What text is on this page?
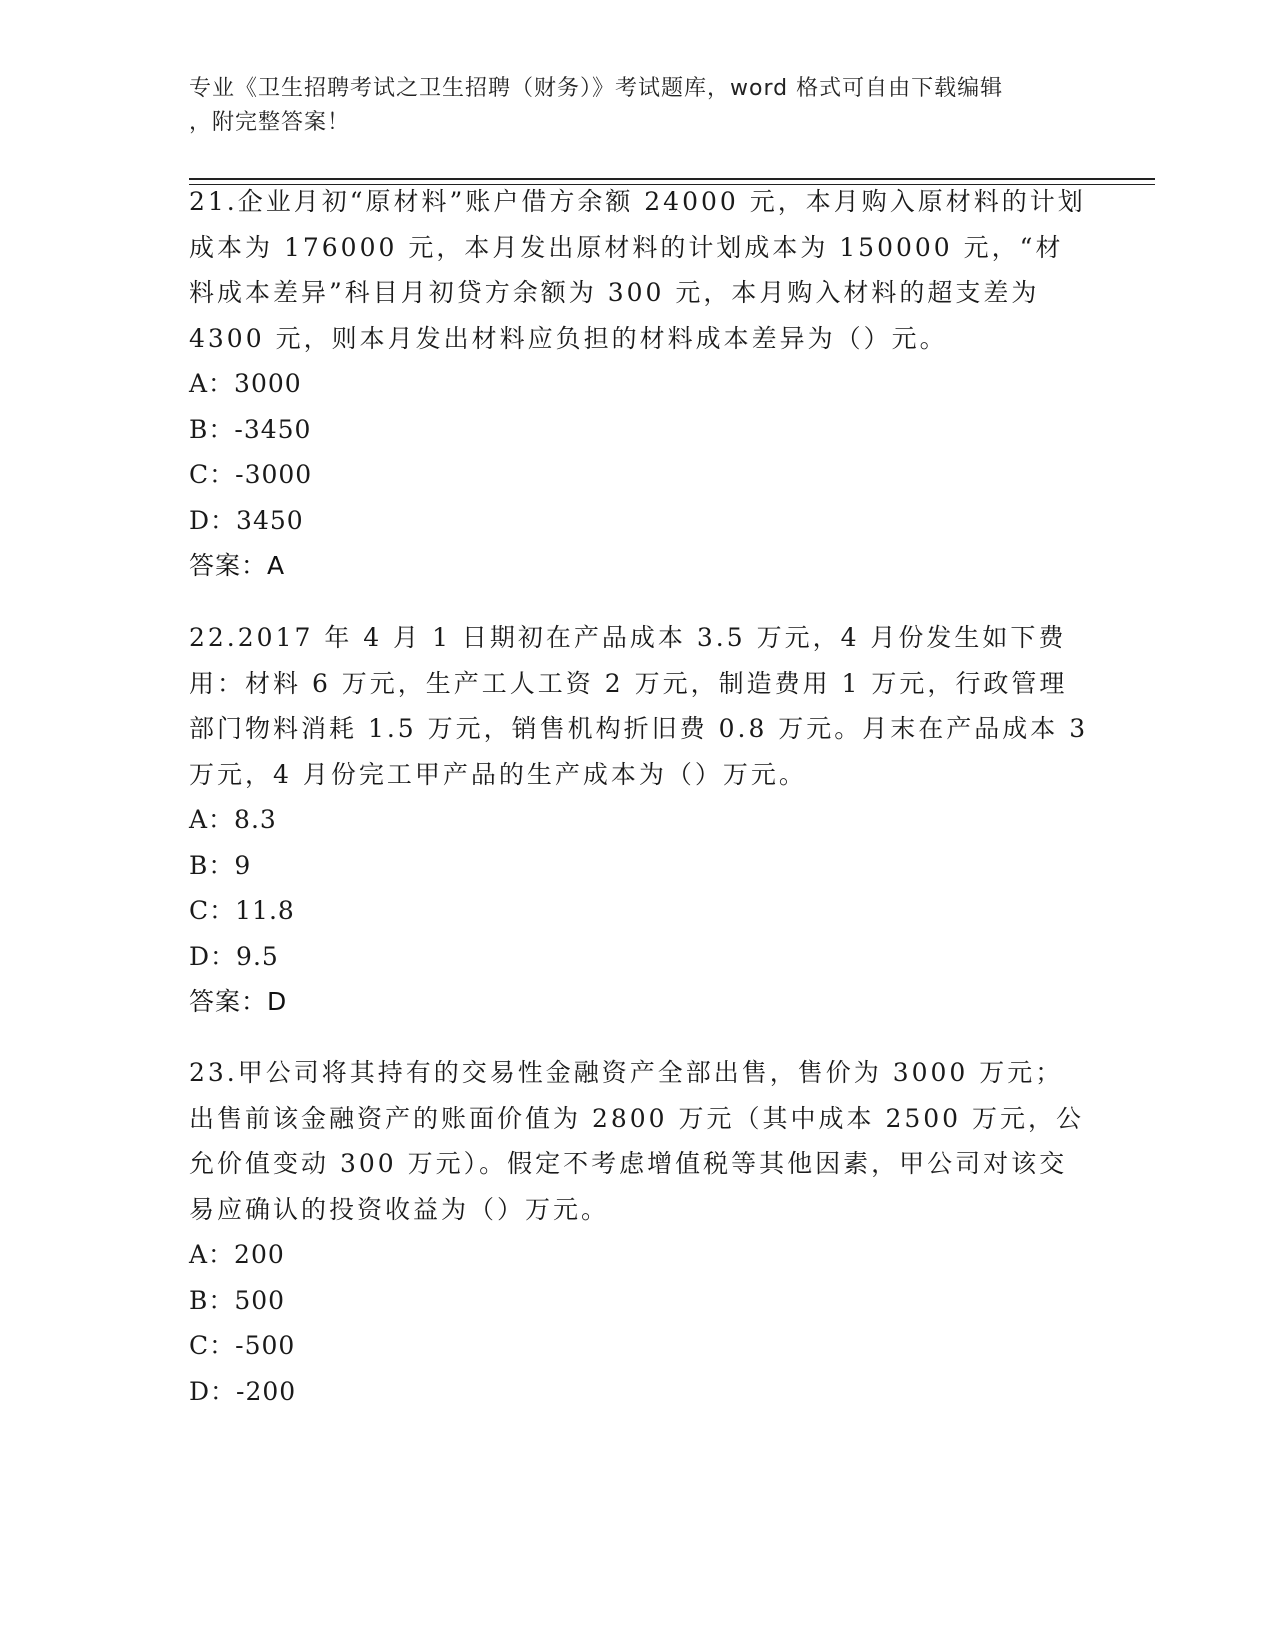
专业《卫生招聘考试之卫生招聘（财务）》考试题库，word 格式可自由下载编辑
，附完整答案！

21.企业月初“原材料”账户借方余额 24000 元，本月购入原材料的计划成本为 176000 元，本月发出原材料的计划成本为 150000 元，“材料成本差异”科目月初贷方余额为 300 元，本月购入材料的超支差为 4300 元，则本月发出材料应负担的材料成本差异为（）元。

A：3000
B：-3450
C：-3000
D：3450
答案：A

22.2017 年 4 月 1 日期初在产品成本 3.5 万元，4 月份发生如下费用：材料 6 万元，生产工人工资 2 万元，制造费用 1 万元，行政管理部门物料消耗 1.5 万元，销售机构折旧费 0.8 万元。月末在产品成本 3 万元，4 月份完工甲产品的生产成本为（）万元。

A：8.3
B：9
C：11.8
D：9.5
答案：D

23.甲公司将其持有的交易性金融资产全部出售，售价为 3000 万元；出售前该金融资产的账面价值为 2800 万元（其中成本 2500 万元，公允价值变动 300 万元）。假定不考虑增值税等其他因素，甲公司对该交易应确认的投资收益为（）万元。

A：200
B：500
C：-500
D：-200
